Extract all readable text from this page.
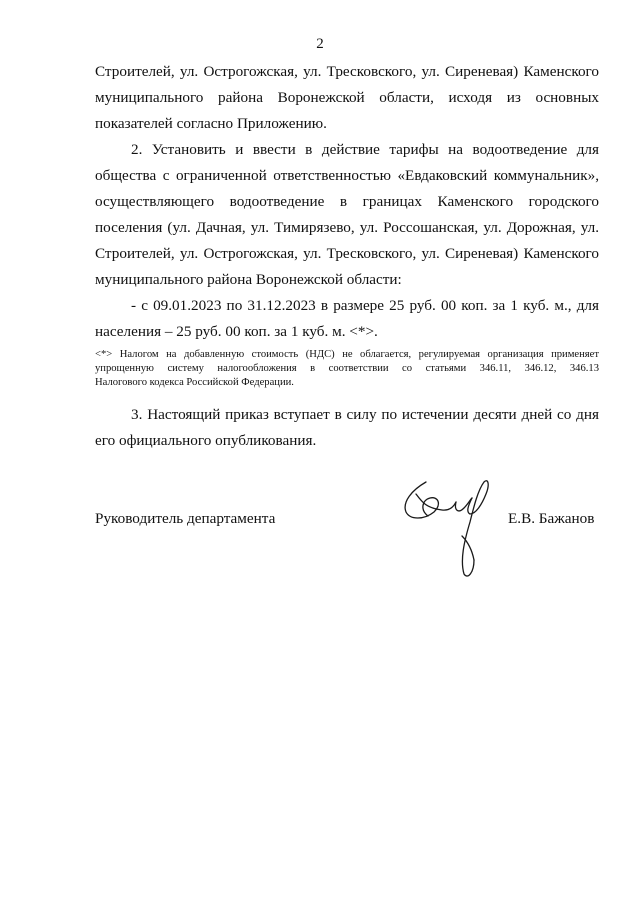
2
Строителей, ул. Острогожская, ул. Тресковского, ул. Сиреневая) Каменского
муниципального района Воронежской области, исходя из основных
показателей согласно Приложению.
2. Установить и ввести в действие тарифы на водоотведение для
общества с ограниченной ответственностью «Евдаковский коммунальник»,
осуществляющего водоотведение в границах Каменского городского
поселения (ул. Дачная, ул. Тимирязево, ул. Россошанская, ул. Дорожная, ул.
Строителей, ул. Острогожская, ул. Тресковского, ул. Сиреневая) Каменского
муниципального района Воронежской области:
- с 09.01.2023 по 31.12.2023 в размере 25 руб. 00 коп. за 1 куб. м., для
населения – 25 руб. 00 коп. за 1 куб. м. <*>.
<*> Налогом на добавленную стоимость (НДС) не облагается, регулируемая организация применяет
упрощенную систему налогообложения в соответствии со статьями 346.11, 346.12, 346.13
Налогового кодекса Российской Федерации.
3. Настоящий приказ вступает в силу по истечении десяти дней со дня
его официального опубликования.
Руководитель департамента	Е.В. Бажанов
